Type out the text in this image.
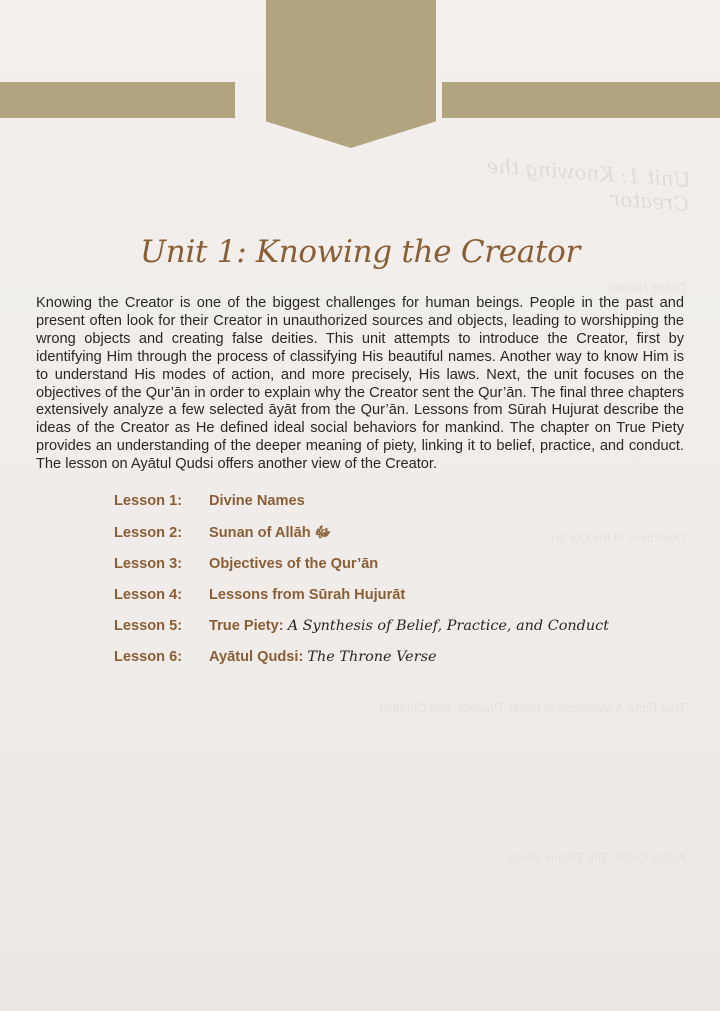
Unit 1: Knowing the Creator
Divine Names
Objectives of the Qur’ān
True Piety: A Synthesis of Belief, Practice, and Conduct
Ayātul Qudsi: The Throne Verse
Unit 1: Knowing the Creator

Knowing the Creator is one of the biggest challenges for human beings. People in the past and present often look for their Creator in unauthorized sources and objects, leading to worshipping the wrong objects and creating false deities. This unit attempts to introduce the Creator, first by identifying Him through the process of classifying His beautiful names. Another way to know Him is to understand His modes of action, and more precisely, His laws. Next, the unit focuses on the objectives of the Qur’ān in order to explain why the Creator sent the Qur’ān. The final three chapters extensively analyze a few selected āyāt from the Qur’ān. Lessons from Sūrah Hujurat describe the ideas of the Creator as He defined ideal social behaviors for mankind. The chapter on True Piety provides an understanding of the deeper meaning of piety, linking it to belief, practice, and conduct. The lesson on Ayātul Qudsi offers another view of the Creator.

Lesson 1:	Divine Names
Lesson 2:	Sunan of Allāh ﷻ
Lesson 3:	Objectives of the Qur’ān
Lesson 4:	Lessons from Sūrah Hujurāt
Lesson 5:	True Piety:
A Synthesis of Belief, Practice, and Conduct
Lesson 6:	Ayātul Qudsi:
The Throne Verse
